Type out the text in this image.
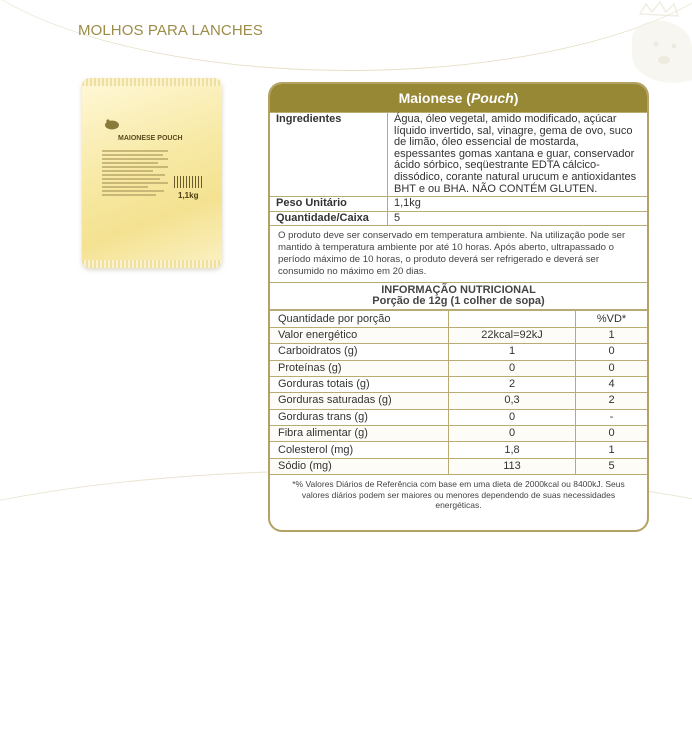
MOLHOS PARA LANCHES
MAIONESE POUCH
1,1kg
Maionese (Pouch)
Ingredientes	Água, óleo vegetal, amido modificado, açúcar líquido invertido, sal, vinagre, gema de ovo, suco de limão, óleo essencial de mostarda, espessantes gomas xantana e guar, conservador ácido sórbico, seqüestrante EDTA cálcico-dissódico, corante natural urucum e antioxidantes BHT e ou BHA. NÃO CONTÉM GLUTEN.
Peso Unitário	1,1kg
Quantidade/Caixa	5
O produto deve ser conservado em temperatura ambiente. Na utilização pode ser mantido à temperatura ambiente por até 10 horas. Após aberto, ultrapassado o período máximo de 10 horas, o produto deverá ser refrigerado e deverá ser consumido no máximo em 20 dias.
INFORMAÇÃO NUTRICIONAL
Porção de 12g (1 colher de sopa)
Quantidade por porção		%VD*
Valor energético	22kcal=92kJ	1
Carboidratos (g)	1	0
Proteínas (g)	0	0
Gorduras totais (g)	2	4
Gorduras saturadas (g)	0,3	2
Gorduras trans (g)	0	-
Fibra alimentar (g)	0	0
Colesterol (mg)	1,8	1
Sódio (mg)	113	5
*% Valores Diários de Referência com base em uma dieta de 2000kcal ou 8400kJ. Seus valores diários podem ser maiores ou menores dependendo de suas necessidades energéticas.
